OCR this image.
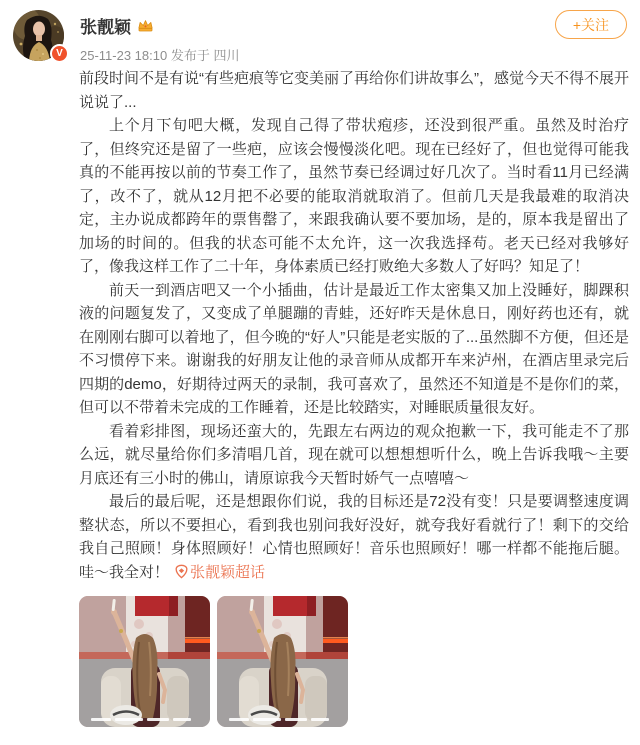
V
张靓颖
25-11-23 18:10 发布于 四川
+关注

前段时间不是有说“有些疤痕等它变美丽了再给你们讲故事么”，感觉今天不得不展开说说了...

上个月下旬吧大概，发现自己得了带状疱疹，还没到很严重。虽然及时治疗了，但终究还是留了一些疤，应该会慢慢淡化吧。现在已经好了，但也觉得可能我真的不能再按以前的节奏工作了，虽然节奏已经调过好几次了。当时看11月已经满了，改不了，就从12月把不必要的能取消就取消了。但前几天是我最难的取消决定，主办说成都跨年的票售罄了，来跟我确认要不要加场，是的，原本我是留出了加场的时间的。但我的状态可能不太允许，这一次我选择苟。老天已经对我够好了，像我这样工作了二十年，身体素质已经打败绝大多数人了好吗？知足了！

前天一到酒店吧又一个小插曲，估计是最近工作太密集又加上没睡好，脚踝积液的问题复发了，又变成了单腿蹦的青蛙，还好昨天是休息日，刚好药也还有，就在刚刚右脚可以着地了，但今晚的“好人”只能是老实版的了...虽然脚不方便，但还是不习惯停下来。谢谢我的好朋友让他的录音师从成都开车来泸州，在酒店里录完后四期的demo，好期待过两天的录制，我可喜欢了，虽然还不知道是不是你们的菜，但可以不带着未完成的工作睡着，还是比较踏实，对睡眠质量很友好。

看着彩排图，现场还蛮大的，先跟左右两边的观众抱歉一下，我可能走不了那么远，就尽量给你们多清唱几首，现在就可以想想想听什么，晚上告诉我哦～主要月底还有三小时的佛山，请原谅我今天暂时娇气一点嘻嘻～

最后的最后呢，还是想跟你们说，我的目标还是72没有变！只是要调整速度调整状态，所以不要担心，看到我也别问我好没好，就夸我好看就行了！剩下的交给我自己照顾！身体照顾好！心情也照顾好！音乐也照顾好！哪一样都不能拖后腿。哇～我全对！ 张靓颖超话
